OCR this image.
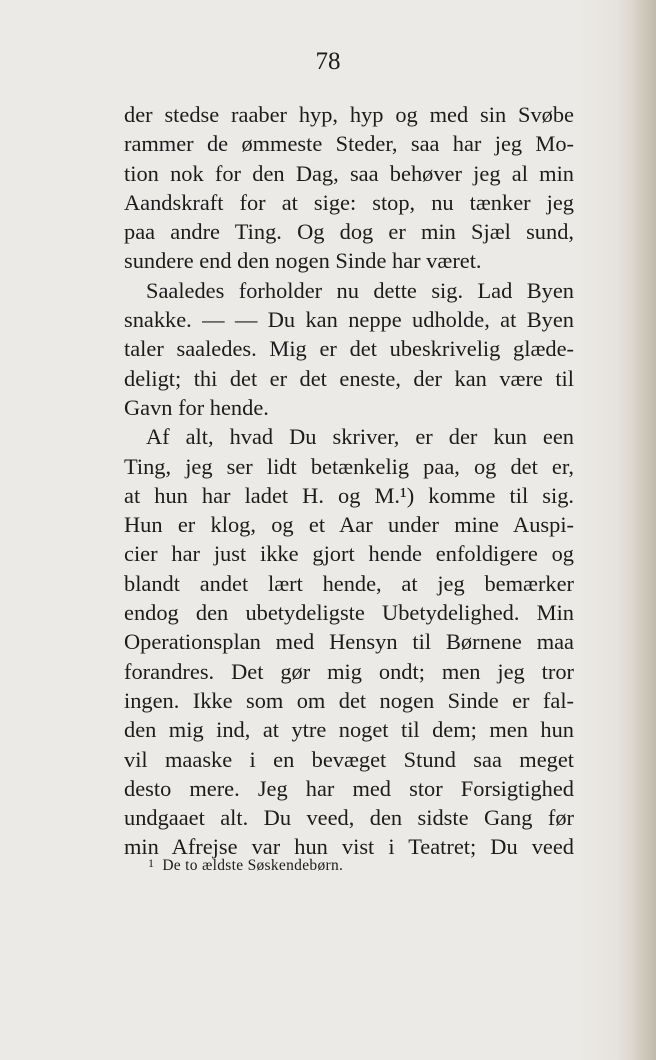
78
der stedse raaber hyp, hyp og med sin Svøbe
rammer de ømmeste Steder, saa har jeg Mo-
tion nok for den Dag, saa behøver jeg al min
Aandskraft for at sige: stop, nu tænker jeg
paa andre Ting. Og dog er min Sjæl sund,
sundere end den nogen Sinde har været.
Saaledes forholder nu dette sig. Lad Byen
snakke. — — Du kan neppe udholde, at Byen
taler saaledes. Mig er det ubeskrivelig glæde-
deligt; thi det er det eneste, der kan være til
Gavn for hende.
Af alt, hvad Du skriver, er der kun een
Ting, jeg ser lidt betænkelig paa, og det er,
at hun har ladet H. og M.¹) komme til sig.
Hun er klog, og et Aar under mine Auspi-
cier har just ikke gjort hende enfoldigere og
blandt andet lært hende, at jeg bemærker
endog den ubetydeligste Ubetydelighed. Min
Operationsplan med Hensyn til Børnene maa
forandres. Det gør mig ondt; men jeg tror
ingen. Ikke som om det nogen Sinde er fal-
den mig ind, at ytre noget til dem; men hun
vil maaske i en bevæget Stund saa meget
desto mere. Jeg har med stor Forsigtighed
undgaaet alt. Du veed, den sidste Gang før
min Afrejse var hun vist i Teatret; Du veed
1 De to ældste Søskendebørn.
